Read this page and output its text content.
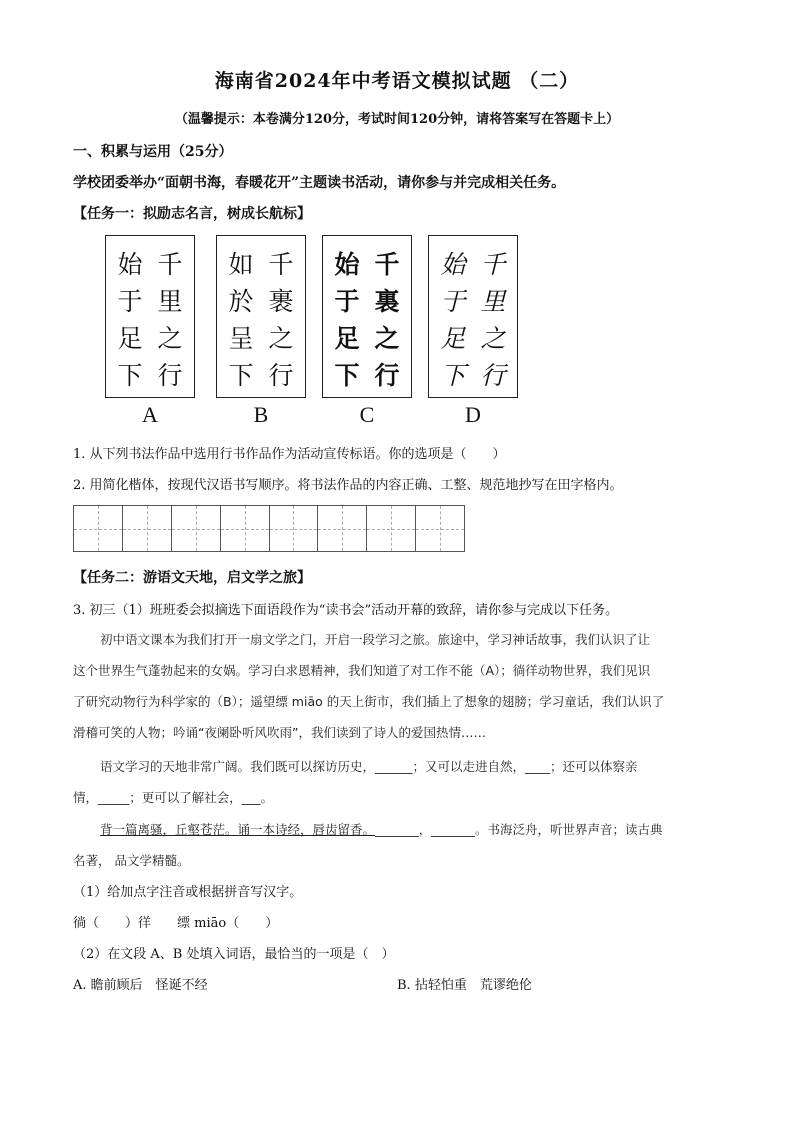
海南省2024年中考语文模拟试题 （二）
（温馨提示：本卷满分120分，考试时间120分钟，请将答案写在答题卡上）
一、积累与运用（25分）
学校团委举办“面朝书海，春暖花开”主题读书活动，请你参与并完成相关任务。
【任务一：拟励志名言，树成长航标】
始
于
足
下
千
里
之
行
如
於
呈
下
千
裹
之
行
始
于
足
下
千
裏
之
行
始
于
足
下
千
里
之
行
A	B	C	D
1. 从下列书法作品中选用行书作品作为活动宣传标语。你的选项是（　　）
2. 用简化楷体，按现代汉语书写顺序。将书法作品的内容正确、工整、规范地抄写在田字格内。
【任务二：游语文天地，启文学之旅】
3. 初三（1）班班委会拟摘选下面语段作为“读书会”活动开幕的致辞，请你参与完成以下任务。
初中语文课本为我们打开一扇文学之门，开启一段学习之旅。旅途中，学习神话故事，我们认识了让
这个世界生气蓬勃起来的女娲。学习白求恩精神，我们知道了对工作不能（A）；徜徉动物世界，我们见识
了研究动物行为科学家的（B）；遥望缥 miāo 的天上街市，我们插上了想象的翅膀；学习童话，我们认识了
滑稽可笑的人物；吟诵“夜阑卧听风吹雨”，我们读到了诗人的爱国热情……
语文学习的天地非常广阔。我们既可以探访历史，______；又可以走进自然，____；还可以体察亲
情，_____；更可以了解社会，___。
背一篇离骚，丘壑苍茫。诵一本诗经，唇齿留香。_______，_______。书海泛舟，听世界声音；读古典
名著， 品文学精髓。
（1）给加点字注音或根据拼音写汉字。
徜（　　）徉　　缥 miāo（　　）
（2）在文段 A、B 处填入词语，最恰当的一项是（　）
A. 瞻前顾后　怪诞不经	B. 拈轻怕重　荒谬绝伦
